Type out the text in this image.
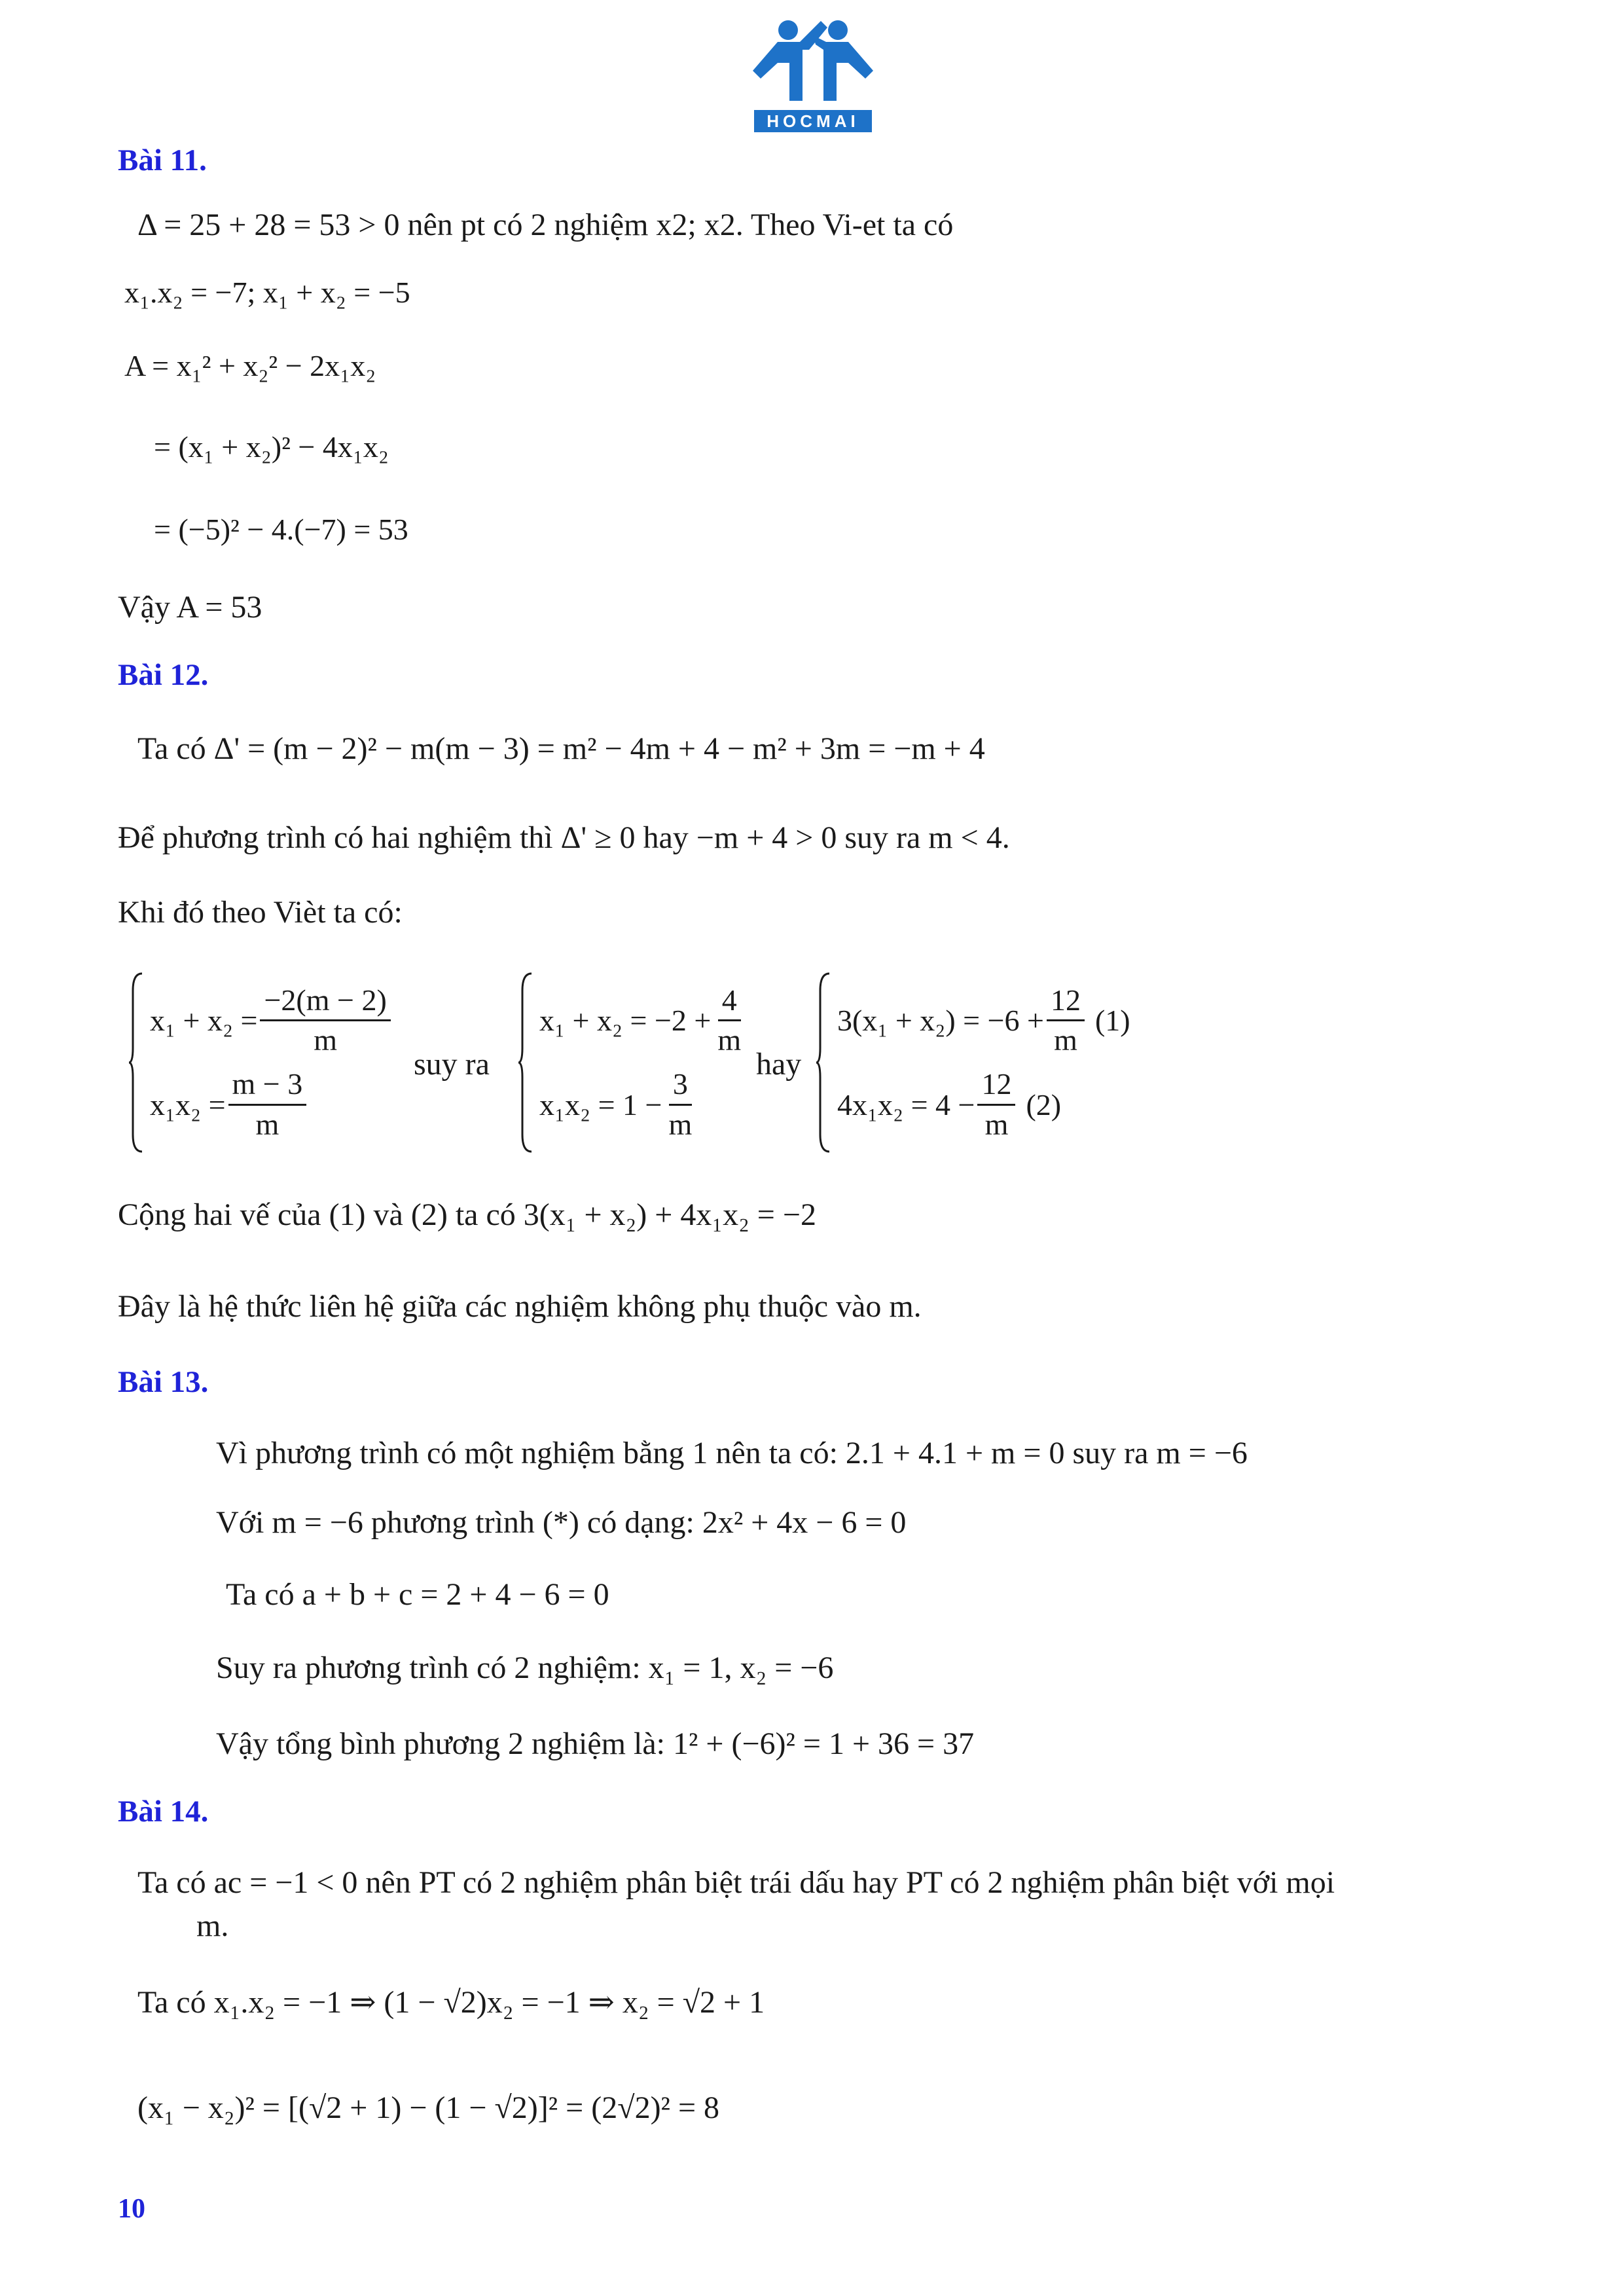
HOCMAI
Bài 11.
Δ = 25 + 28 = 53 > 0 nên pt có 2 nghiệm x2; x2. Theo Vi-et ta có
x₁.x₂ = −7; x₁ + x₂ = −5
A = x₁² + x₂² − 2x₁x₂
= (x₁ + x₂)² − 4x₁x₂
= (−5)² − 4.(−7) = 53
Vậy A = 53
Bài 12.
Ta có Δ' = (m − 2)² − m(m − 3) = m² − 4m + 4 − m² + 3m = −m + 4
Để phương trình có hai nghiệm thì Δ' ≥ 0 hay −m + 4 > 0 suy ra m < 4.
Khi đó theo Vièt ta có:
$x_1 + x_2 = \frac{-2(m - 2)}{m}$
$x_1x_2 = \frac{m - 3}{m}$
suy ra
$x_1 + x_2 = -2 + \frac{4}{m}$
$x_1x_2 = 1 - \frac{3}{m}$
hay
$3(x_1 + x_2) = -6 + \frac{12}{m} (1)$
$4x_1x_2 = 4 - \frac{12}{m} (2)$
Cộng hai vế của (1) và (2) ta có 3(x₁ + x₂) + 4x₁x₂ = −2
Đây là hệ thức liên hệ giữa các nghiệm không phụ thuộc vào m.
Bài 13.
Vì phương trình có một nghiệm bằng 1 nên ta có: 2.1 + 4.1 + m = 0 suy ra m = −6
Với m = −6 phương trình (*) có dạng: 2x² + 4x − 6 = 0
Ta có a + b + c = 2 + 4 − 6 = 0
Suy ra phương trình có 2 nghiệm: x₁ = 1, x₂ = −6
Vậy tổng bình phương 2 nghiệm là: 1² + (−6)² = 1 + 36 = 37
Bài 14.
Ta có ac = −1 < 0 nên PT có 2 nghiệm phân biệt trái dấu hay PT có 2 nghiệm phân biệt với mọi
m.
Ta có x₁.x₂ = −1 ⇒ (1 − √2)x₂ = −1 ⇒ x₂ = √2 + 1
(x₁ − x₂)² = [(√2 + 1) − (1 − √2)]² = (2√2)² = 8
10
